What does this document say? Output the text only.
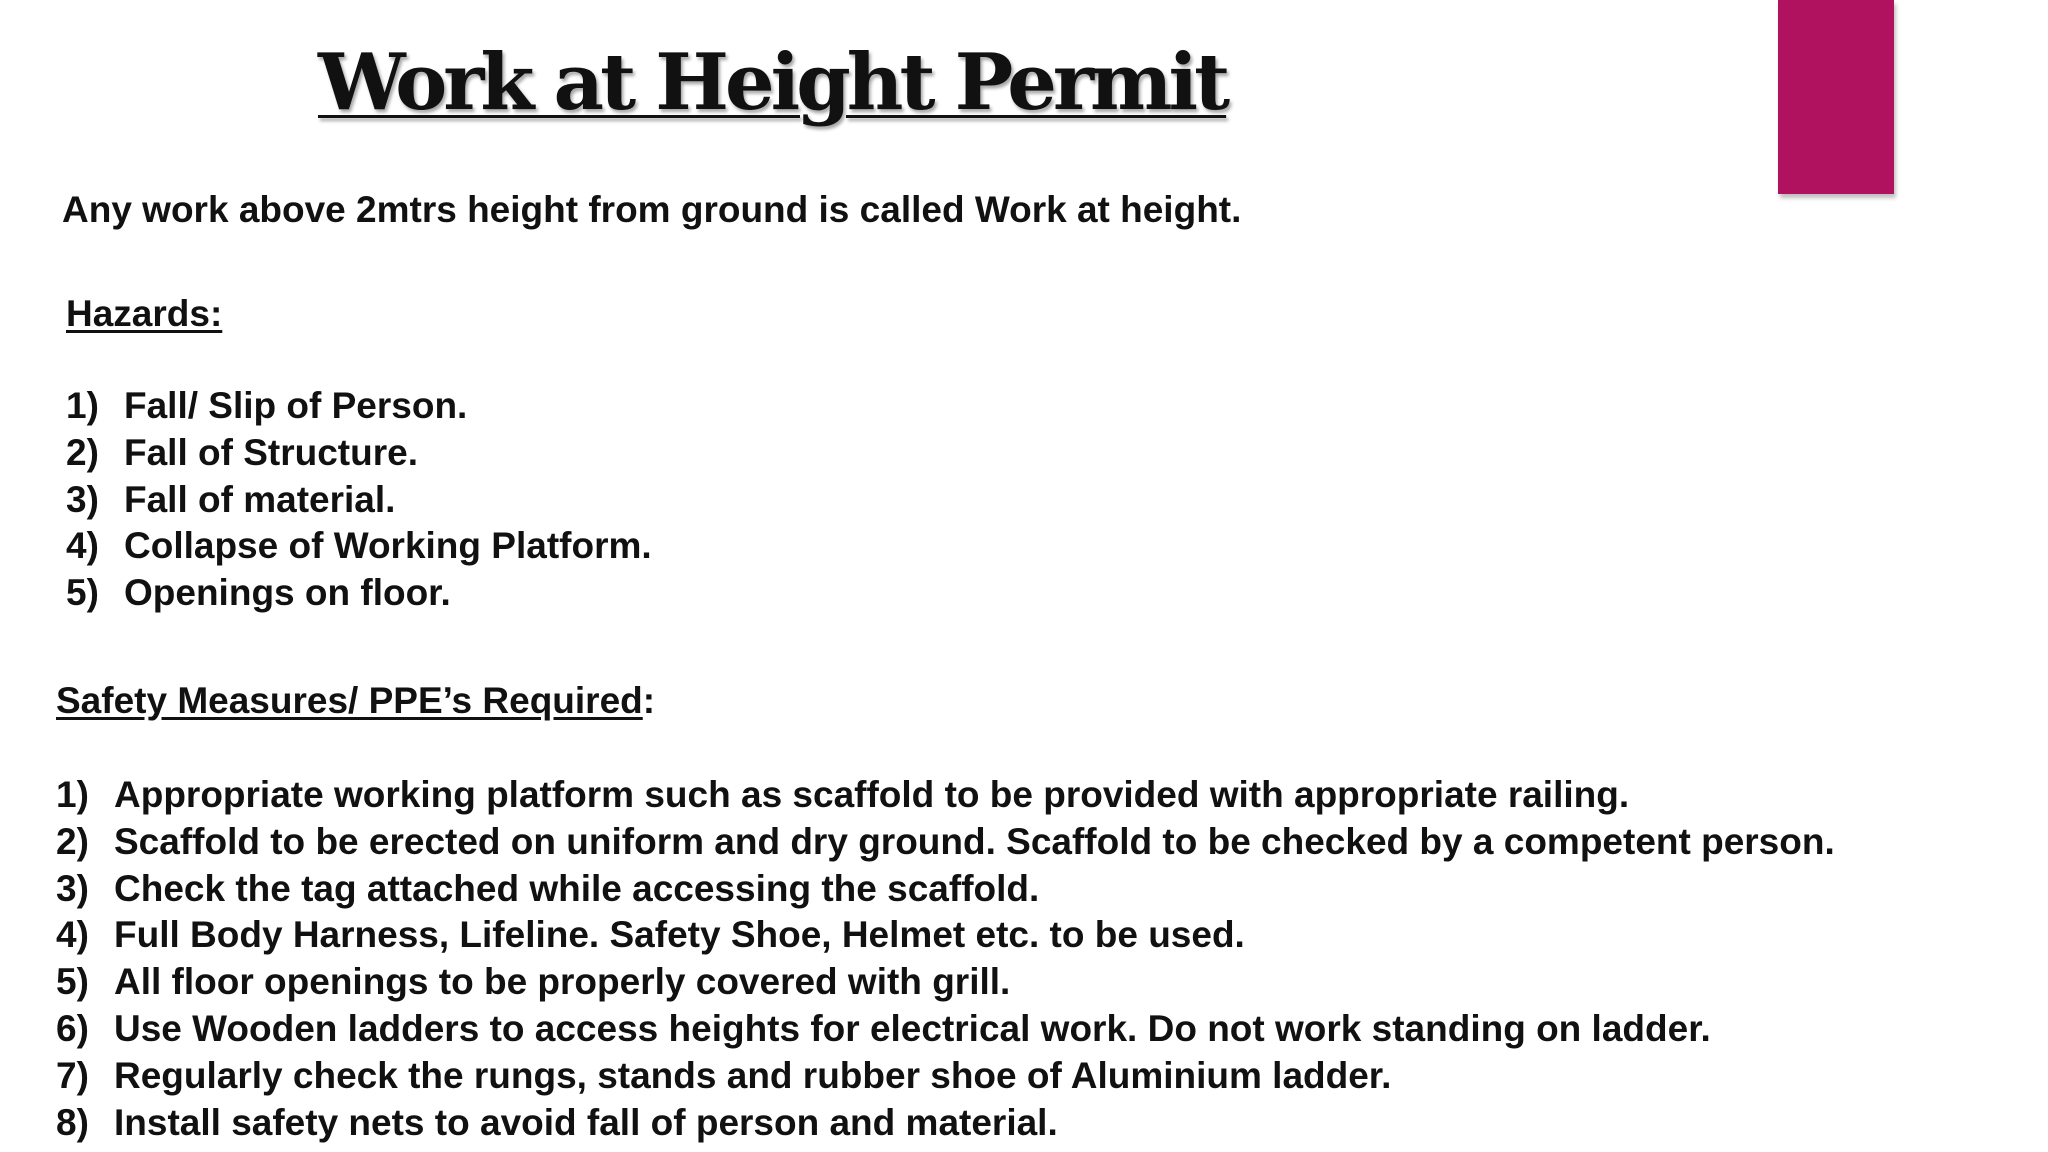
Work at Height Permit

Any work above 2mtrs height from ground is called Work at height.

Hazards:
1) Fall/ Slip of Person.
2) Fall of Structure.
3) Fall of material.
4) Collapse of Working Platform.
5) Openings on floor.
Safety Measures/ PPE’s Required:
1) Appropriate working platform such as scaffold to be provided with appropriate railing.
2) Scaffold to be erected on uniform and dry ground. Scaffold to be checked by a competent person.
3) Check the tag attached while accessing the scaffold.
4) Full Body Harness, Lifeline. Safety Shoe, Helmet etc. to be used.
5) All floor openings to be properly covered with grill.
6) Use Wooden ladders to access heights for electrical work. Do not work standing on ladder.
7) Regularly check the rungs, stands and rubber shoe of Aluminium ladder.
8) Install safety nets to avoid fall of person and material.
